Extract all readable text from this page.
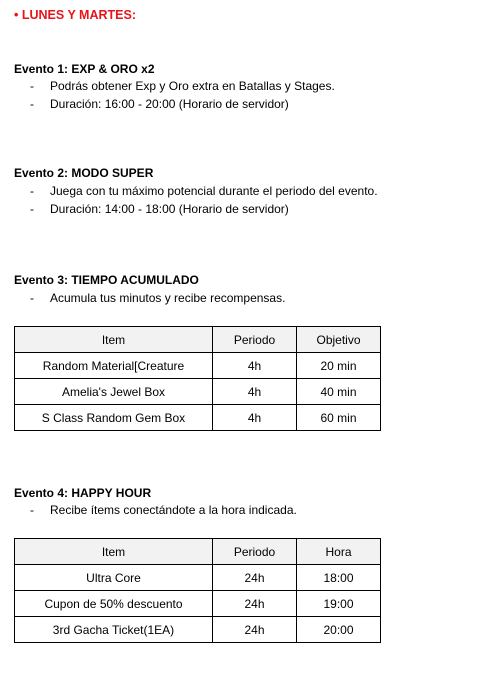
• LUNES Y MARTES:
Evento 1: EXP & ORO x2
- Podrás obtener Exp y Oro extra en Batallas y Stages.
- Duración: 16:00 - 20:00 (Horario de servidor)
Evento 2: MODO SUPER
- Juega con tu máximo potencial durante el periodo del evento.
- Duración: 14:00 - 18:00 (Horario de servidor)
Evento 3: TIEMPO ACUMULADO
- Acumula tus minutos y recibe recompensas.
Item	Periodo	Objetivo
Random Material[Creature	4h	20 min
Amelia's Jewel Box	4h	40 min
S Class Random Gem Box	4h	60 min
Evento 4: HAPPY HOUR
- Recibe ítems conectándote a la hora indicada.
Item	Periodo	Hora
Ultra Core	24h	18:00
Cupon de 50% descuento	24h	19:00
3rd Gacha Ticket(1EA)	24h	20:00
